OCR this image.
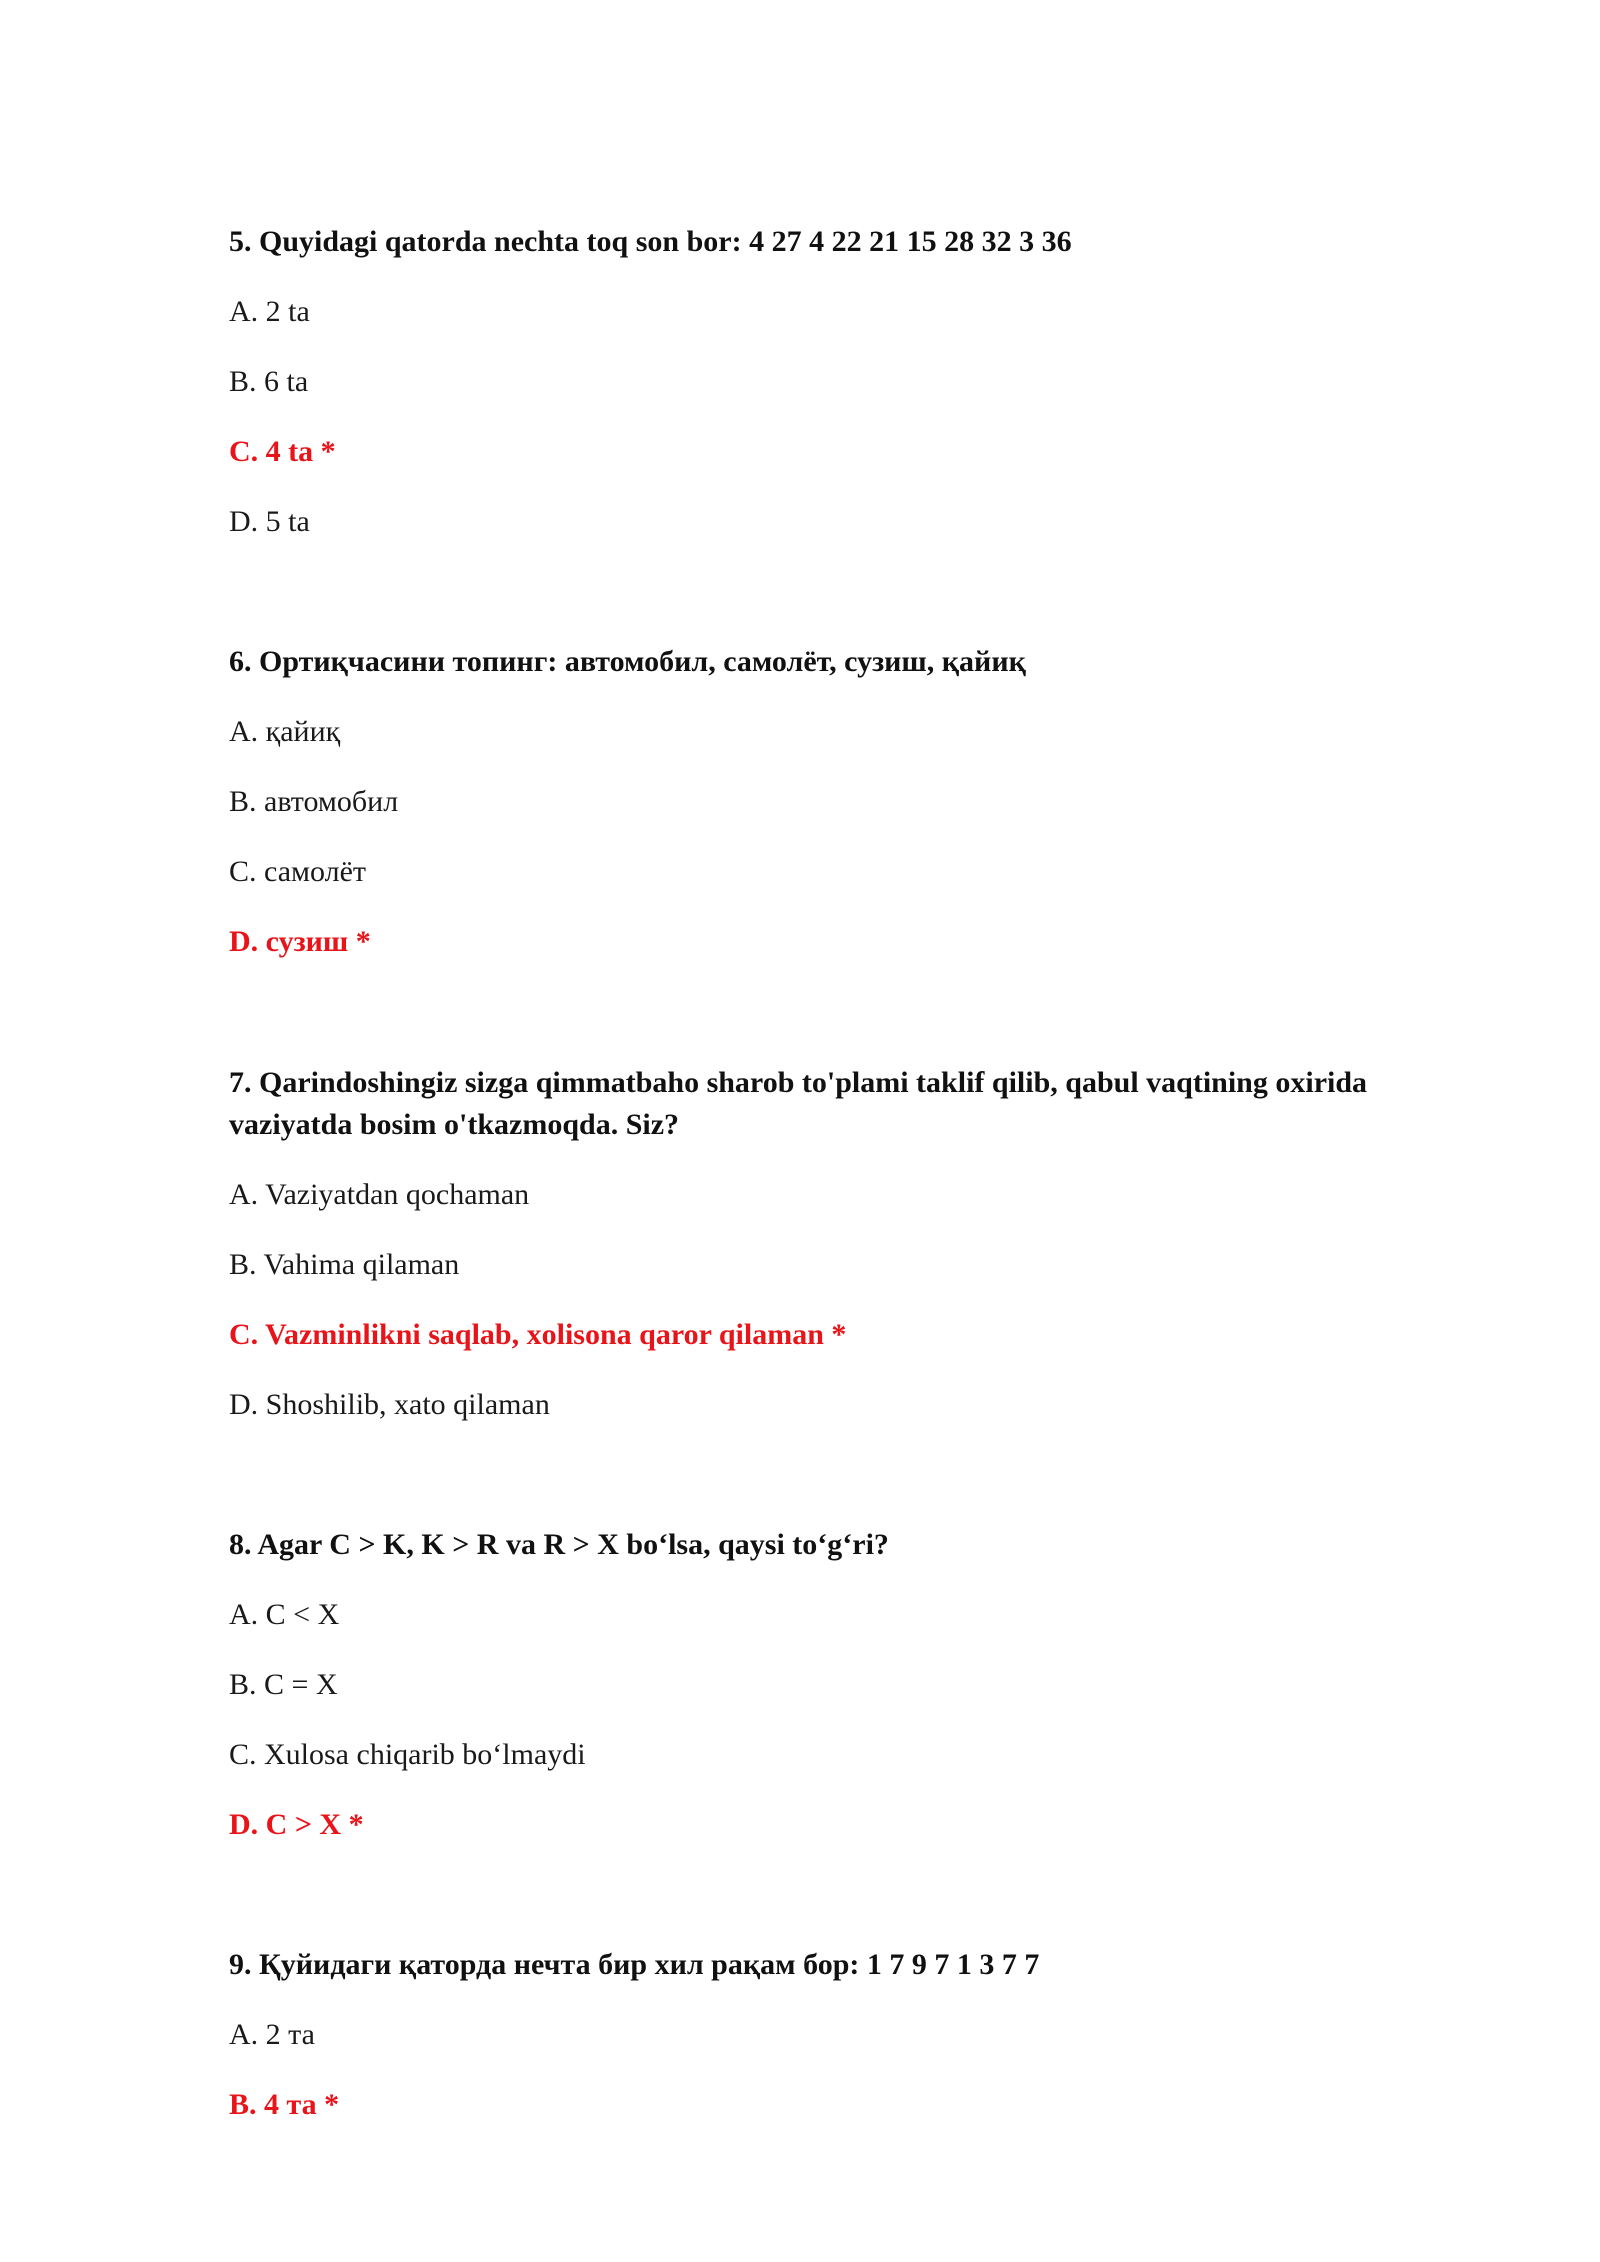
5. Quyidagi qatorda nechta toq son bor: 4 27 4 22 21 15 28 32 3 36

A. 2 ta

B. 6 ta

C. 4 ta *

D. 5 ta

6. Ортиқчасини топинг: автомобил, самолёт, сузиш, қайиқ

A. қайиқ

B. автомобил

C. самолёт

D. сузиш *

7. Qarindoshingiz sizga qimmatbaho sharob to'plami taklif qilib, qabul vaqtining oxirida

vaziyatda bosim o'tkazmoqda. Siz?

A. Vaziyatdan qochaman

B. Vahima qilaman

C. Vazminlikni saqlab, xolisona qaror qilaman *

D. Shoshilib, xato qilaman

8. Agar C > K, K > R va R > X bo‘lsa, qaysi to‘g‘ri?

A. C < X

B. C = X

C. Xulosa chiqarib bo‘lmaydi

D. C > X *

9. Қуйидаги қаторда нечта бир хил рақам бор: 1 7 9 7 1 3 7 7

A. 2 та

B. 4 та *
